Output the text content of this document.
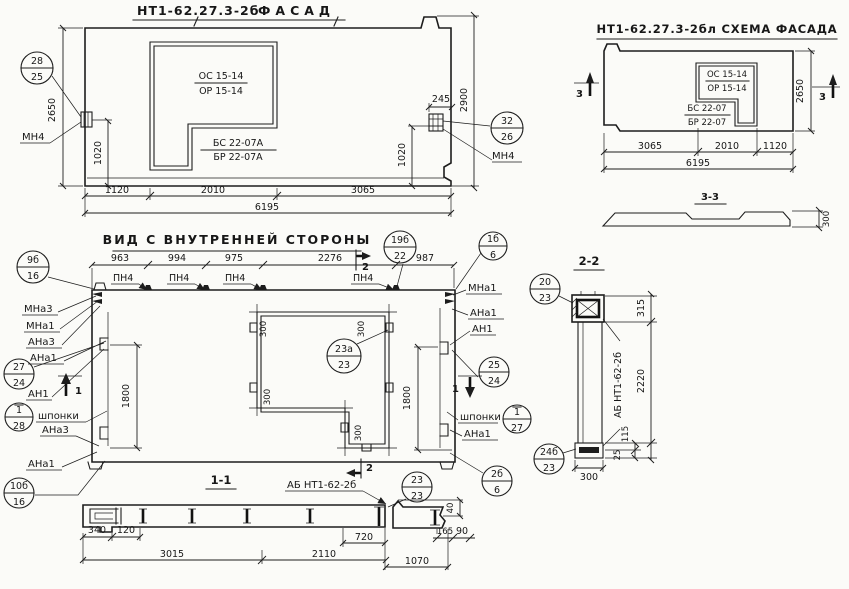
НТ1-62.27.3-2б
ФАСАД
ОС 15-14
ОР 15-14
БС 22-07А
БР 22-07А
28
25
32
26
МН4
МН4
245
2650
1020
2900
1020
1120	2010	3065
6195
НТ1-62.27.3-2бл СХЕМА ФАСАДА
ОС 15-14
ОР 15-14
БС 22-07
БР 22-07
3	3
3065	2010	1120
6195
2650
3-3
300
ВИД С ВНУТРЕННЕЙ СТОРОНЫ
963	994	975	2276	987
ПН4	ПН4	ПН4	ПН4
2
2
1	1
9б
16
27
24
1
28
10б
16
19б
22
1б
6
25
24
1
27
2б
6
23а
23
23
23
МНа3
МНа1
АНа3
АНа1
АН1
шпонки
АНа3
АНа1
МНа1
АНа1
АН1
шпонки
АНа1
1800	1800
300	300
300
300
АБ НТ1-62-2б
2-2
20
23
24б
23
АБ НТ1-62-2б
315
2220
115
25
300
1-1
340 120
720	165 90
40
3015	2110
1070
